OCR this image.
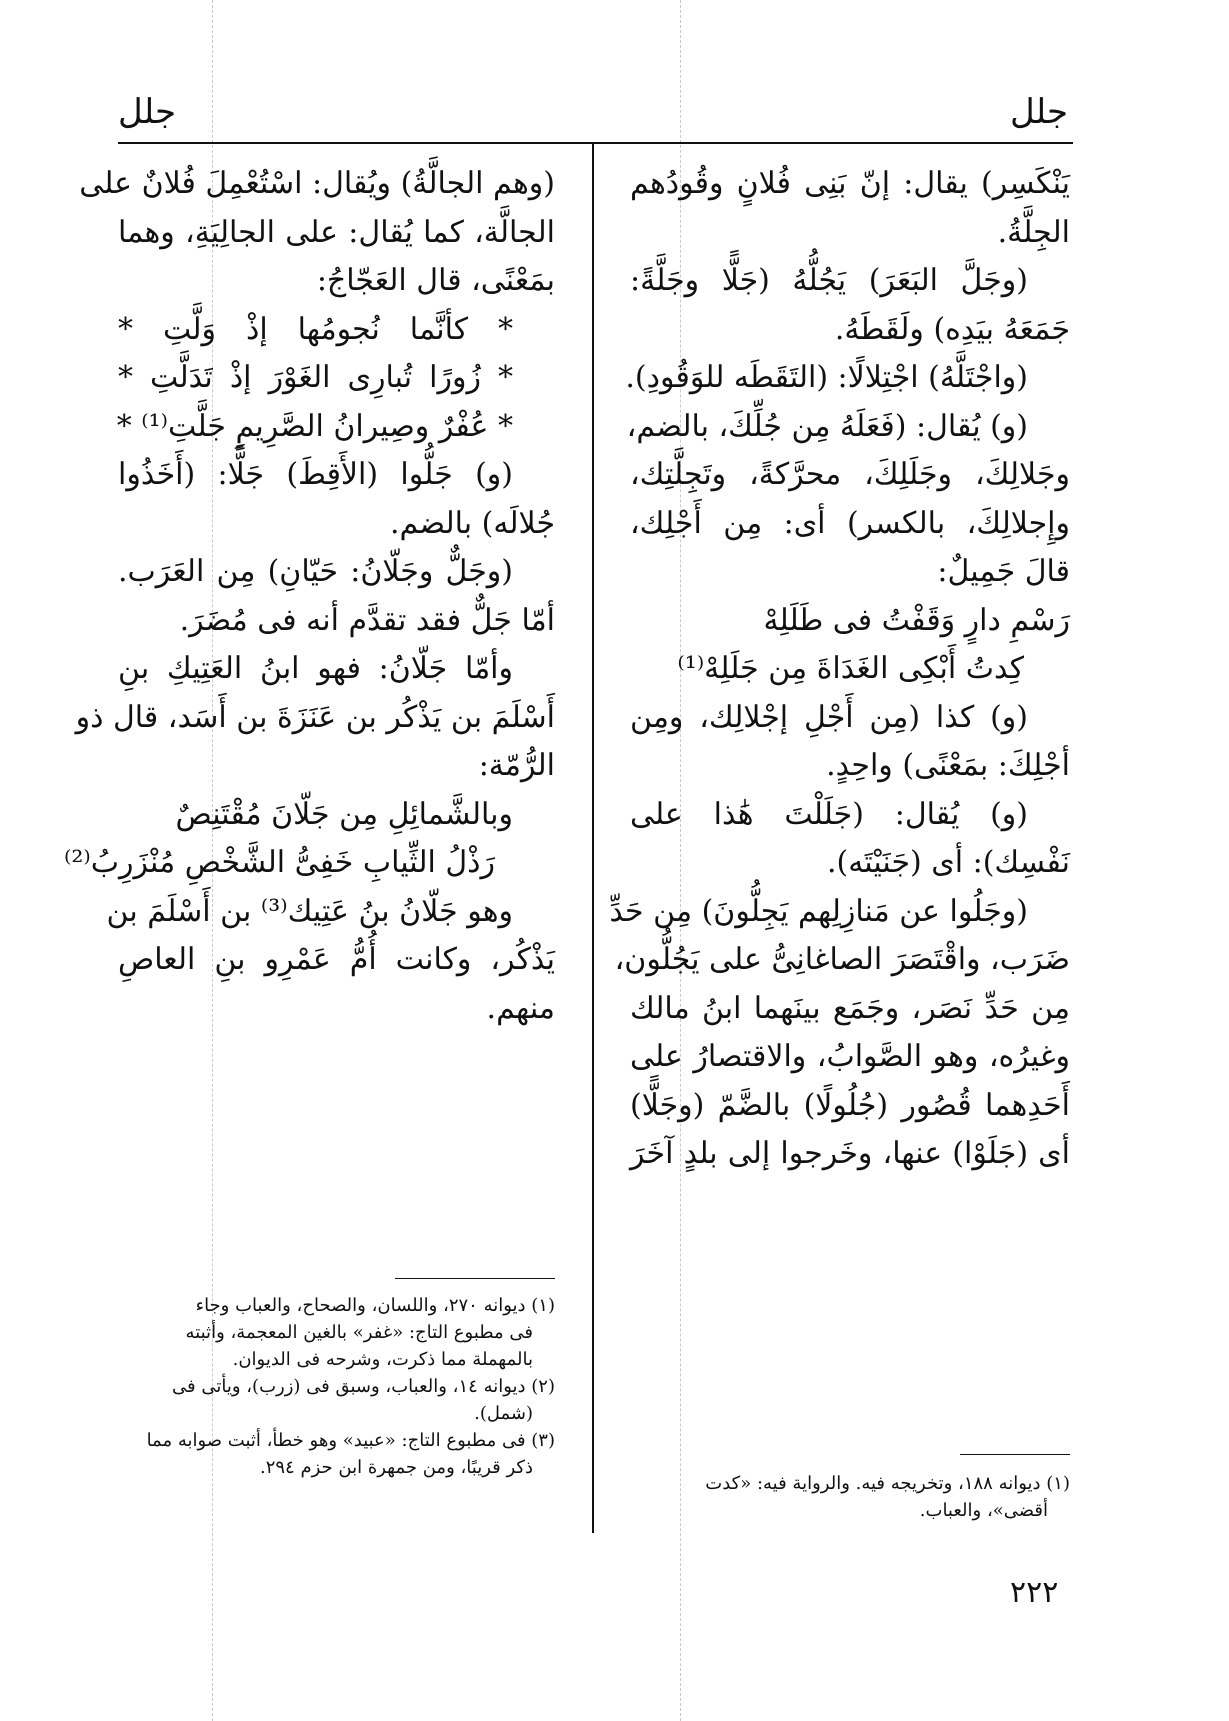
جلل
جلل
يَنْكَسِر) يقال: إنّ بَنِى فُلانٍ وقُودُهم
الجِلَّةُ.
(وجَلَّ البَعَرَ) يَجُلُّهُ (جَلًّا وجَلَّةً:
جَمَعَهُ بيَدِه) ولَقَطَهُ.
(واجْتَلَّهُ) اجْتِلالًا: (التَقَطَه للوَقُودِ).
(و) يُقال: (فَعَلَهُ مِن جُلِّكَ، بالضم،
وجَلالِكَ، وجَلَلِكَ، محرَّكةً، وتَجِلَّتِك،
وإِجلالِكَ، بالكسر) أى: مِن أَجْلِك،
قالَ جَمِيلٌ:
رَسْمِ دارٍ وَقَفْتُ فى طَلَلِهْ
كِدتُ أَبْكِى الغَدَاةَ مِن جَلَلِهْ⁽¹⁾
(و) كذا (مِن أَجْلِ إجْلالِك، ومِن
أجْلِكَ: بمَعْنًى) واحِدٍ.
(و) يُقال: (جَلَلْتَ هَٰذا على
نَفْسِك): أى (جَنَيْتَه).
(وجَلُوا عن مَنازِلِهم يَجِلُّونَ) مِن حَدِّ
ضَرَب، واقْتَصَرَ الصاغانِىُّ على يَجُلُّون،
مِن حَدِّ نَصَر، وجَمَع بينَهما ابنُ مالك
وغيرُه، وهو الصَّوابُ، والاقتصارُ على
أَحَدِهما قُصُور (جُلُولًا) بالضَّمّ (وجَلًّا)
أى (جَلَوْا) عنها، وخَرجوا إلى بلدٍ آخَرَ
(١) ديوانه ١٨٨، وتخريجه فيه. والرواية فيه: «كدت
أقضى»، والعباب.
(وهم الجالَّةُ) ويُقال: اسْتُعْمِلَ فُلانٌ على
الجالَّة، كما يُقال: على الجالِيَةِ، وهما
بمَعْنًى، قال العَجّاجُ:
* كأنَّما نُجومُها إذْ وَلَّتِ *
* زُورًا تُبارِى الغَوْرَ إذْ تَدَلَّتِ *
* عُفْرٌ وصِيرانُ الصَّرِيمِ جَلَّتِ⁽¹⁾ *
(و) جَلُّوا (الأَقِطَ) جَلًّا: (أَخَذُوا
جُلالَه) بالضم.
(وجَلٌّ وجَلّانُ: حَيّانِ) مِن العَرَب.
أمّا جَلٌّ فقد تقدَّم أنه فى مُضَرَ.
وأمّا جَلّانُ: فهو ابنُ العَتِيكِ بنِ
أَسْلَمَ بن يَذْكُر بن عَنَزَةَ بن أَسَد، قال ذو
الرُّمّة:
وبالشَّمائِلِ مِن جَلّانَ مُقْتَنِصٌ
رَذْلُ الثِّيابِ خَفِىُّ الشَّخْصِ مُنْزَرِبُ⁽²⁾
وهو جَلّانُ بنُ عَتِيك⁽³⁾ بن أَسْلَمَ بن
يَذْكُر، وكانت أُمُّ عَمْرِو بنِ العاصِ
منهم.
(١) ديوانه ٢٧٠، واللسان، والصحاح، والعباب وجاء
فى مطبوع التاج: «غفر» بالغين المعجمة، وأثبته
بالمهملة مما ذكرت، وشرحه فى الديوان.
(٢) ديوانه ١٤، والعباب، وسبق فى (زرب)، ويأتى فى
(شمل).
(٣) فى مطبوع التاج: «عبيد» وهو خطأ، أثبت صوابه مما
ذكر قريبًا، ومن جمهرة ابن حزم ٢٩٤.
٢٢٢
